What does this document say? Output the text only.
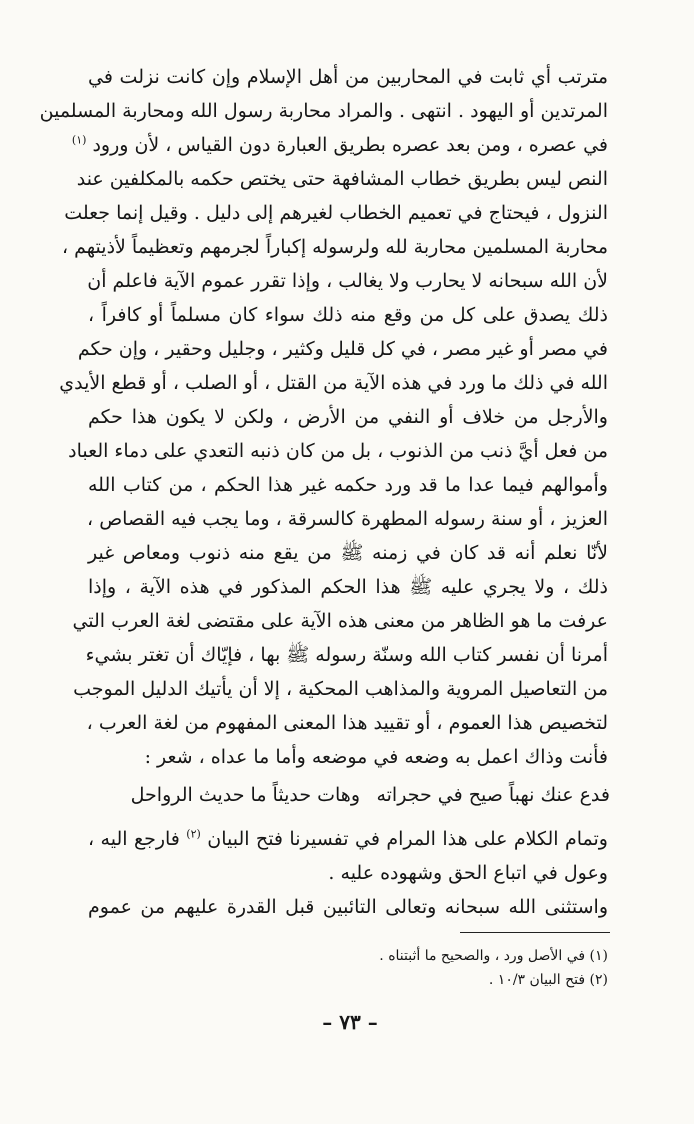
مترتب أي ثابت في المحاربين من أهل الإسلام وإن كانت نزلت في
المرتدين أو اليهود . انتهى . والمراد محاربة رسول الله ومحاربة المسلمين
في عصره ، ومن بعد عصره بطريق العبارة دون القياس ، لأن ورود $^{(١)}$
النص ليس بطريق خطاب المشافهة حتى يختص حكمه بالمكلفين عند
النزول ، فيحتاج في تعميم الخطاب لغيرهم إلى دليل . وقيل إنما جعلت
محاربة المسلمين محاربة لله ولرسوله إكباراً لجرمهم وتعظيماً لأذيتهم ،
لأن الله سبحانه لا يحارب ولا يغالب ، وإذا تقرر عموم الآية فاعلم أن
ذلك يصدق على كل من وقع منه ذلك سواء كان مسلماً أو كافراً ،
في مصر أو غير مصر ، في كل قليل وكثير ، وجليل وحقير ، وإن حكم
الله في ذلك ما ورد في هذه الآية من القتل ، أو الصلب ، أو قطع الأيدي
والأرجل من خلاف أو النفي من الأرض ، ولكن لا يكون هذا حكم
من فعل أيَّ ذنب من الذنوب ، بل من كان ذنبه التعدي على دماء العباد
وأموالهم فيما عدا ما قد ورد حكمه غير هذا الحكم ، من كتاب الله
العزيز ، أو سنة رسوله المطهرة كالسرقة ، وما يجب فيه القصاص ،
لأنّا نعلم أنه قد كان في زمنه ﷺ من يقع منه ذنوب ومعاص غير
ذلك ، ولا يجري عليه ﷺ هذا الحكم المذكور في هذه الآية ، وإذا
عرفت ما هو الظاهر من معنى هذه الآية على مقتضى لغة العرب التي
أمرنا أن نفسر كتاب الله وسنّة رسوله ﷺ بها ، فإيّاك أن تغتر بشيء
من التعاصيل المروية والمذاهب المحكية ، إلا أن يأتيك الدليل الموجب
لتخصيص هذا العموم ، أو تقييد هذا المعنى المفهوم من لغة العرب ،
فأنت وذاك اعمل به وضعه في موضعه وأما ما عداه ، شعر :
فدع عنك نهباً صيح في حجراته
وهات حديثاً ما حديث الرواحل
وتمام الكلام على هذا المرام في تفسيرنا فتح البيان $^{(٢)}$ فارجع اليه ،
وعول في اتباع الحق وشهوده عليه .
واستثنى الله سبحانه وتعالى التائبين قبل القدرة عليهم من عموم
(١) في الأصل ورد ، والصحيح ما أثبتناه .
(٢) فتح البيان ١٠/٣ .
– ٧٣ –
